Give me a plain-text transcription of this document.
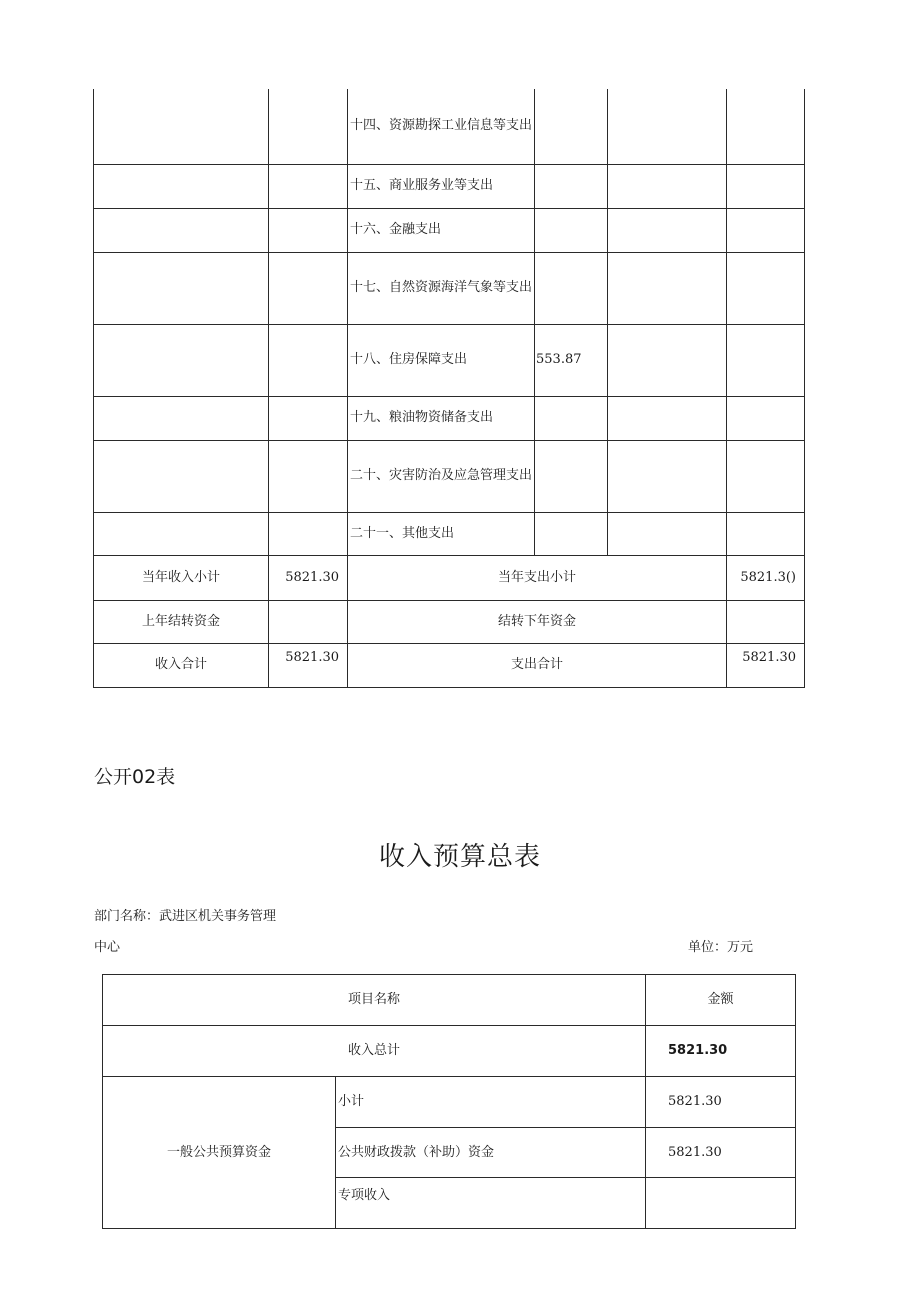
		十四、资源勘探工业信息等支出			
		十五、商业服务业等支出			
		十六、金融支出			
		十七、自然资源海洋气象等支出			
		十八、住房保障支出	553.87		
		十九、粮油物资储备支出			
		二十、灾害防治及应急管理支出			
		二十一、其他支出			
当年收入小计	5821.30	当年支出小计			5821.3()
上年结转资金		结转下年资金			
收入合计	5821.30	支出合计			5821.30
公开02表
收入预算总表
部门名称：武进区机关事务管理
中心	单位：万元
项目名称		金额
收入总计		5821.30
一般公共预算资金	小计	5821.30
	公共财政拨款（补助）资金	5821.30
	专项收入	
